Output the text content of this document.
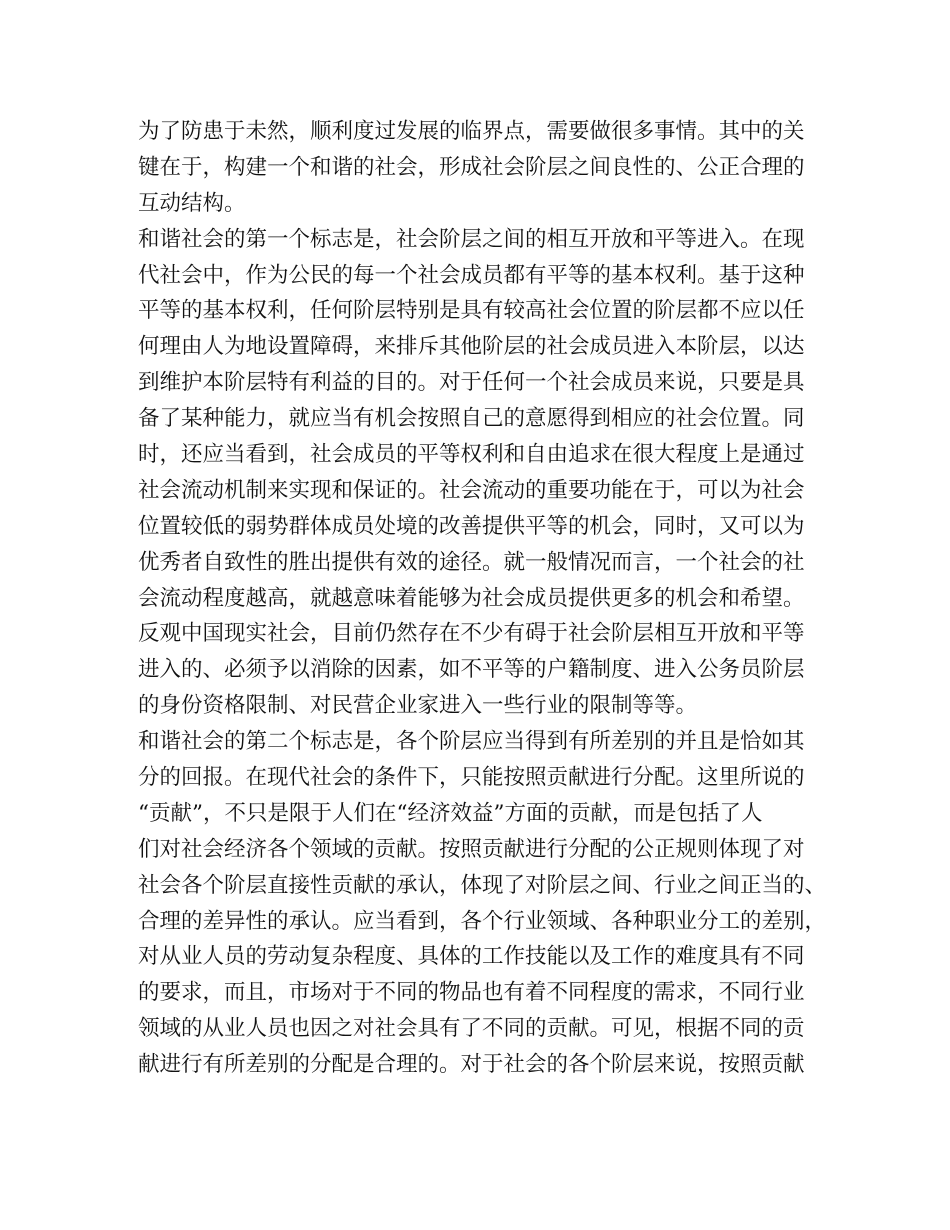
为了防患于未然，顺利度过发展的临界点，需要做很多事情。其中的关
键在于，构建一个和谐的社会，形成社会阶层之间良性的、公正合理的
互动结构。
和谐社会的第一个标志是，社会阶层之间的相互开放和平等进入。在现
代社会中，作为公民的每一个社会成员都有平等的基本权利。基于这种
平等的基本权利，任何阶层特别是具有较高社会位置的阶层都不应以任
何理由人为地设置障碍，来排斥其他阶层的社会成员进入本阶层，以达
到维护本阶层特有利益的目的。对于任何一个社会成员来说，只要是具
备了某种能力，就应当有机会按照自己的意愿得到相应的社会位置。同
时，还应当看到，社会成员的平等权利和自由追求在很大程度上是通过
社会流动机制来实现和保证的。社会流动的重要功能在于，可以为社会
位置较低的弱势群体成员处境的改善提供平等的机会，同时，又可以为
优秀者自致性的胜出提供有效的途径。就一般情况而言，一个社会的社
会流动程度越高，就越意味着能够为社会成员提供更多的机会和希望。
反观中国现实社会，目前仍然存在不少有碍于社会阶层相互开放和平等
进入的、必须予以消除的因素，如不平等的户籍制度、进入公务员阶层
的身份资格限制、对民营企业家进入一些行业的限制等等。
和谐社会的第二个标志是，各个阶层应当得到有所差别的并且是恰如其
分的回报。在现代社会的条件下，只能按照贡献进行分配。这里所说的
“贡献”，不只是限于人们在“经济效益”方面的贡献，而是包括了人
们对社会经济各个领域的贡献。按照贡献进行分配的公正规则体现了对
社会各个阶层直接性贡献的承认，体现了对阶层之间、行业之间正当的、
合理的差异性的承认。应当看到，各个行业领域、各种职业分工的差别，
对从业人员的劳动复杂程度、具体的工作技能以及工作的难度具有不同
的要求，而且，市场对于不同的物品也有着不同程度的需求，不同行业
领域的从业人员也因之对社会具有了不同的贡献。可见，根据不同的贡
献进行有所差别的分配是合理的。对于社会的各个阶层来说，按照贡献
